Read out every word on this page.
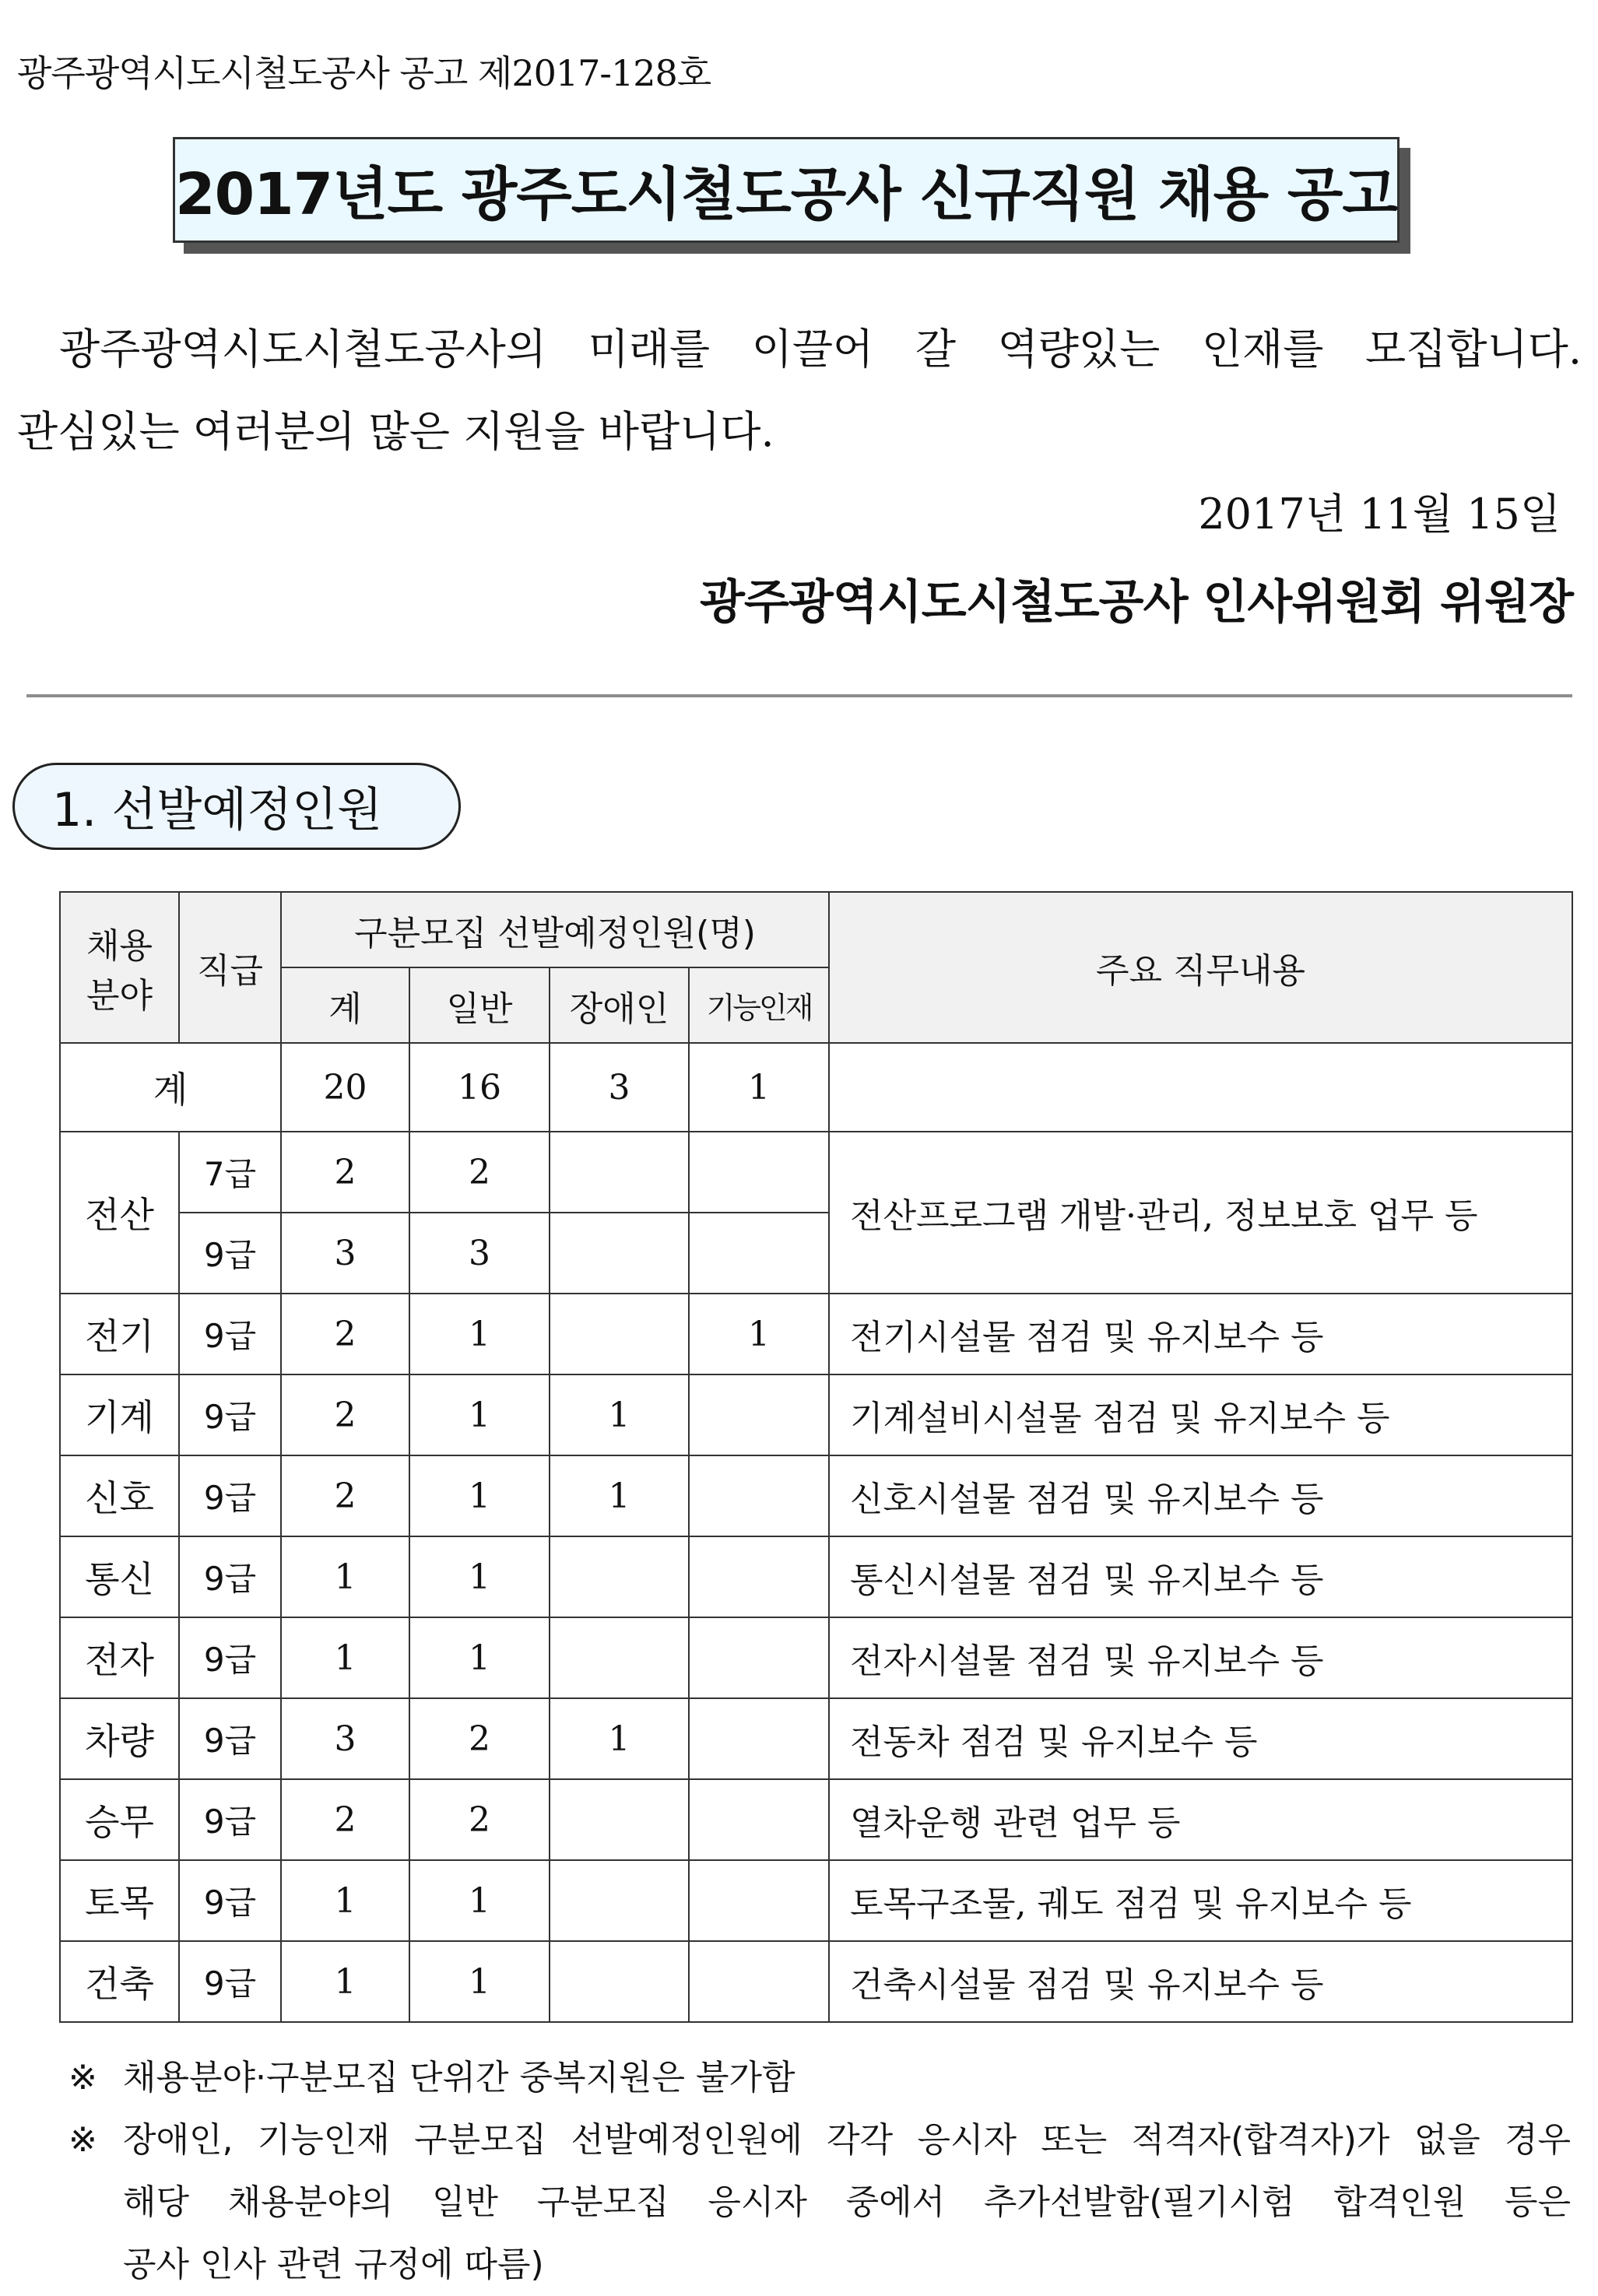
광주광역시도시철도공사 공고 제2017-128호
2017년도 광주도시철도공사 신규직원 채용 공고
광주광역시도시철도공사의 미래를 이끌어 갈 역량있는 인재를 모집합니다.
관심있는 여러분의 많은 지원을 바랍니다.
2017년 11월 15일
광주광역시도시철도공사 인사위원회 위원장
1. 선발예정인원
채용
분야	직급	구분모집 선발예정인원(명)				주요 직무내용
		계	일반	장애인	기능인재	
계		20	16	3	1	
전산	7급	2	2			전산프로그램 개발·관리, 정보보호 업무 등
	9급	3	3			
전기	9급	2	1		1	전기시설물 점검 및 유지보수 등
기계	9급	2	1	1		기계설비시설물 점검 및 유지보수 등
신호	9급	2	1	1		신호시설물 점검 및 유지보수 등
통신	9급	1	1			통신시설물 점검 및 유지보수 등
전자	9급	1	1			전자시설물 점검 및 유지보수 등
차량	9급	3	2	1		전동차 점검 및 유지보수 등
승무	9급	2	2			열차운행 관련 업무 등
토목	9급	1	1			토목구조물, 궤도 점검 및 유지보수 등
건축	9급	1	1			건축시설물 점검 및 유지보수 등
※ 채용분야·구분모집 단위간 중복지원은 불가함
※ 장애인, 기능인재 구분모집 선발예정인원에 각각 응시자 또는 적격자(합격자)가 없을 경우
해당 채용분야의 일반 구분모집 응시자 중에서 추가선발함(필기시험 합격인원 등은
공사 인사 관련 규정에 따름)
